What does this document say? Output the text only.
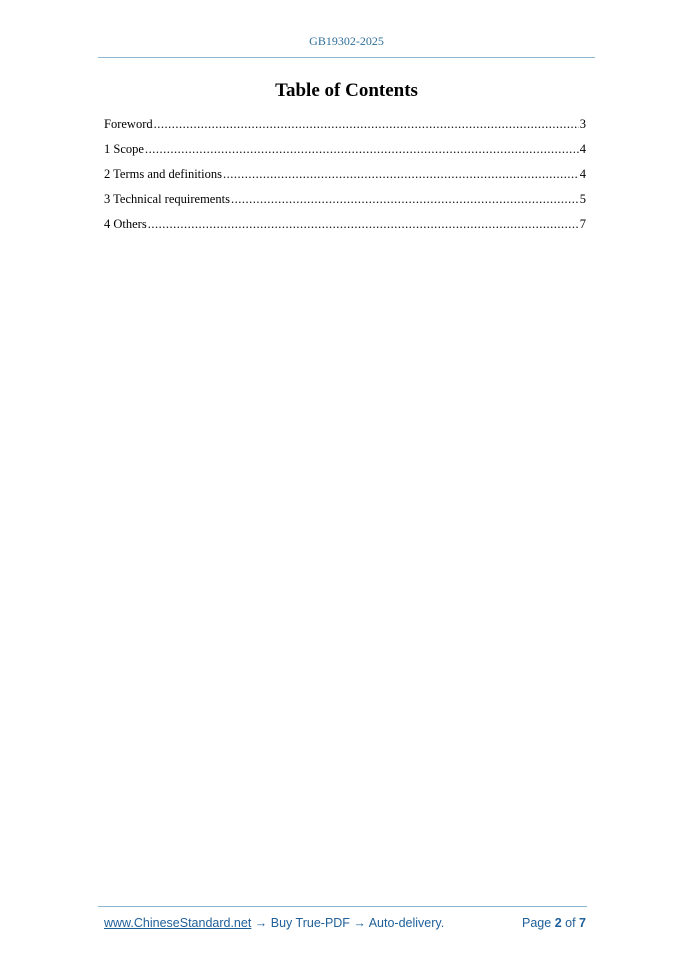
GB19302-2025
Table of Contents
Foreword .....	3
1 Scope .....	4
2 Terms and definitions .....	4
3 Technical requirements .....	5
4 Others .....	7
www.ChineseStandard.net → Buy True-PDF → Auto-delivery.	Page 2 of 7
